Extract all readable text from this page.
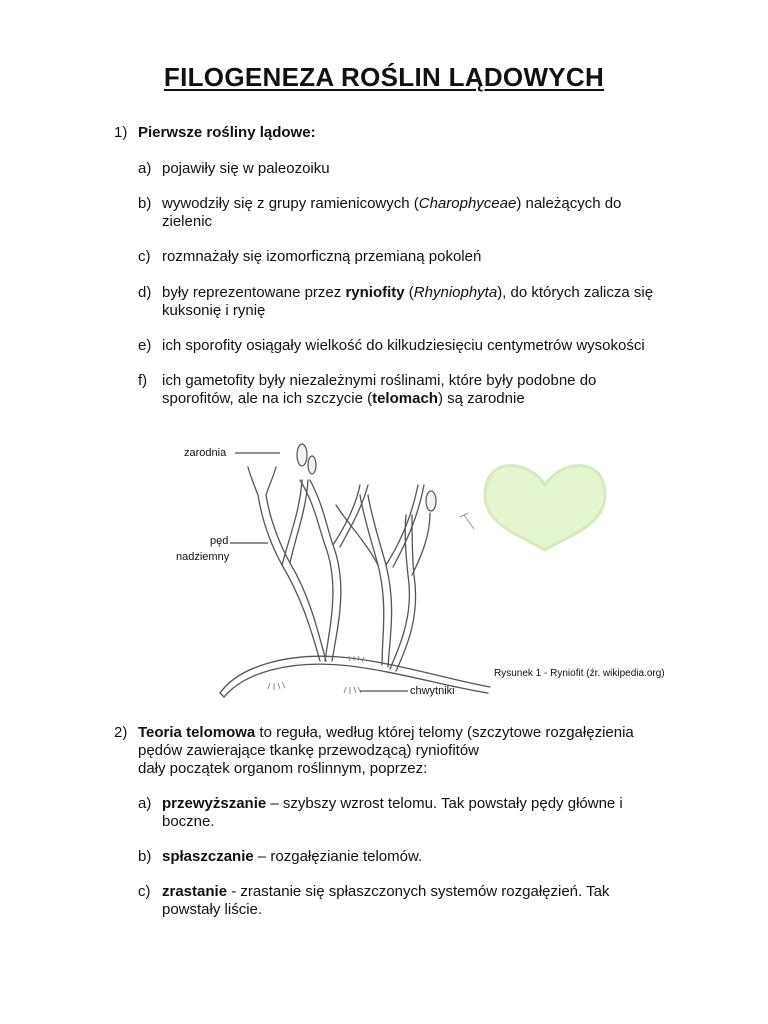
FILOGENEZA ROŚLIN LĄDOWYCH
1) Pierwsze rośliny lądowe:
a) pojawiły się w paleozoiku
b) wywodziły się z grupy ramienicowych (Charophyceae) należących do
zielenic
c) rozmnażały się izomorficzną przemianą pokoleń
d) były reprezentowane przez ryniofity (Rhyniophyta), do których zalicza się
kuksonię i rynię
e) ich sporofity osiągały wielkość do kilkudziesięciu centymetrów wysokości
f) ich gametofity były niezależnymi roślinami, które były podobne do
sporofitów, ale na ich szczycie (telomach) są zarodnie
zarodnia
pęd
nadziemny
chwytniki
Rysunek 1 - Ryniofit (źr. wikipedia.org)
2) Teoria telomowa to reguła, według której telomy (szczytowe rozgałęzienia
pędów zawierające tkankę przewodzącą) ryniofitów
dały początek organom roślinnym, poprzez:
a) przewyższanie – szybszy wzrost telomu. Tak powstały pędy główne i
boczne.
b) spłaszczanie – rozgałęzianie telomów.
c) zrastanie - zrastanie się spłaszczonych systemów rozgałęzień. Tak
powstały liście.
